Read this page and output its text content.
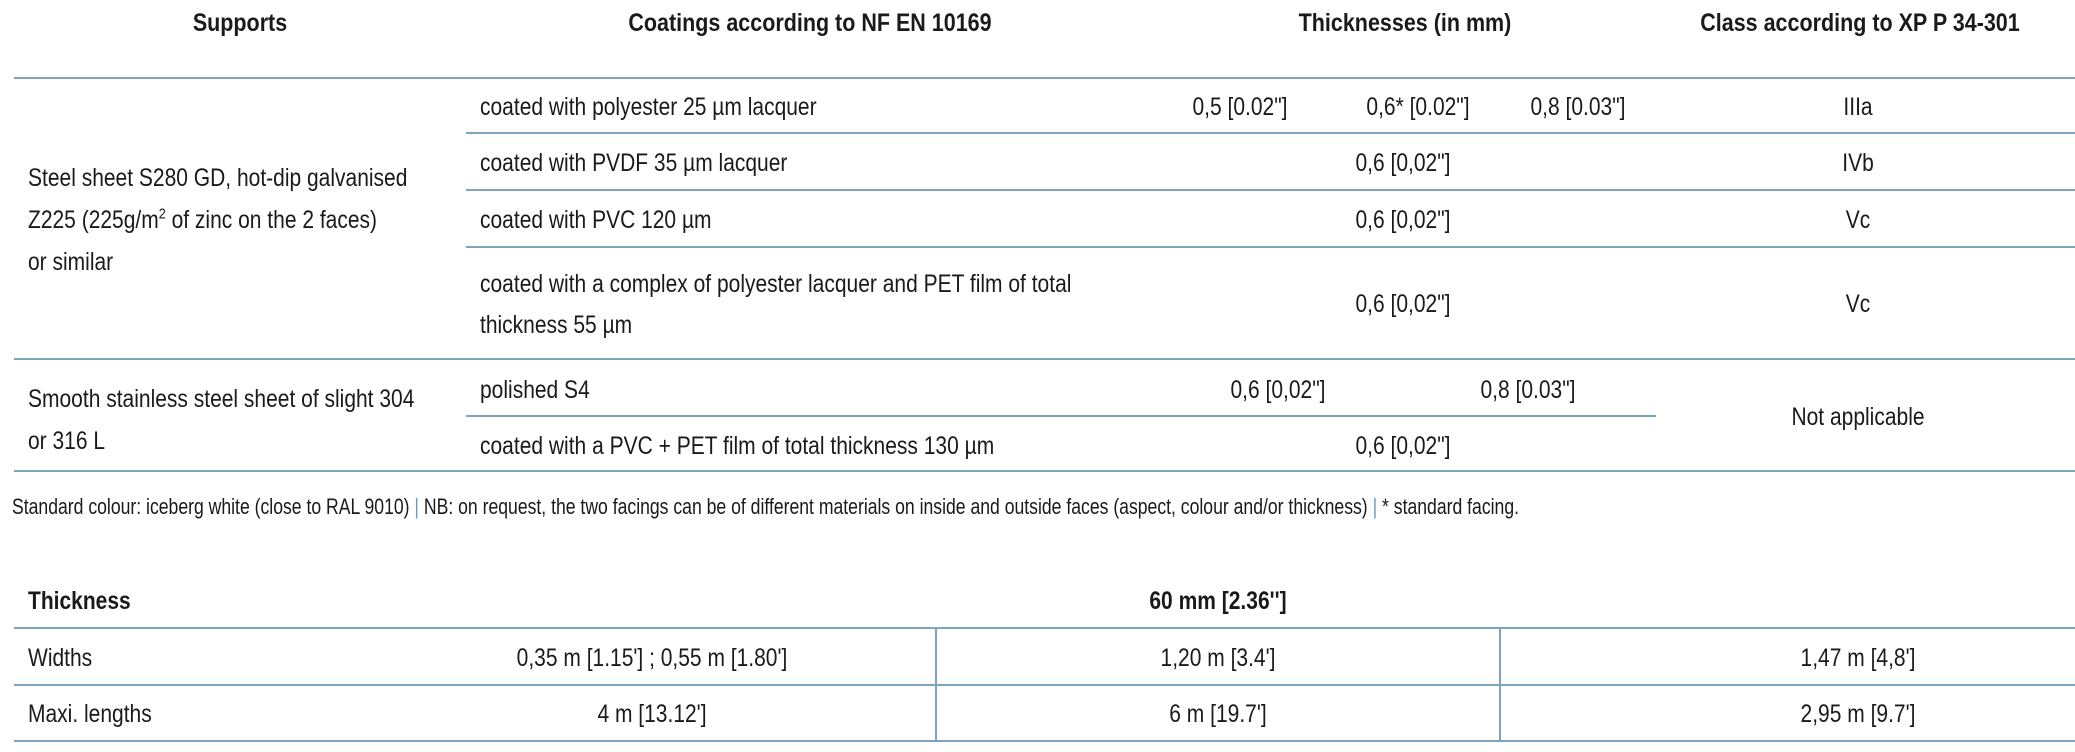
Supports	Coatings according to NF EN 10169	Thicknesses (in mm)	Class according to XP P 34-301
Steel sheet S280 GD, hot-dip galvanised
Z225 ($225g/m^2$ of zinc on the 2 faces)
or similar
coated with polyester 25 µm lacquer	0,5 [0.02"]	0,6* [0.02"]	0,8 [0.03"]	IIIa
coated with PVDF 35 µm lacquer	0,6 [0,02"]	IVb
coated with PVC 120 µm	0,6 [0,02"]	Vc
coated with a complex of polyester lacquer and PET film of total
thickness 55 µm
0,6 [0,02"]	Vc
Smooth stainless steel sheet of slight 304
or 316 L
polished S4	0,6 [0,02"]	0,8 [0.03"]
coated with a PVC + PET film of total thickness 130 µm	0,6 [0,02"]
Not applicable
Standard colour: iceberg white (close to RAL 9010) | NB: on request, the two facings can be of different materials on inside and outside faces (aspect, colour and/or thickness) | * standard facing.
Thickness	60 mm [2.36'']
Widths	0,35 m [1.15'] ; 0,55 m [1.80']	1,20 m [3.4']	1,47 m [4,8']
Maxi. lengths	4 m [13.12']	6 m [19.7']	2,95 m [9.7']
